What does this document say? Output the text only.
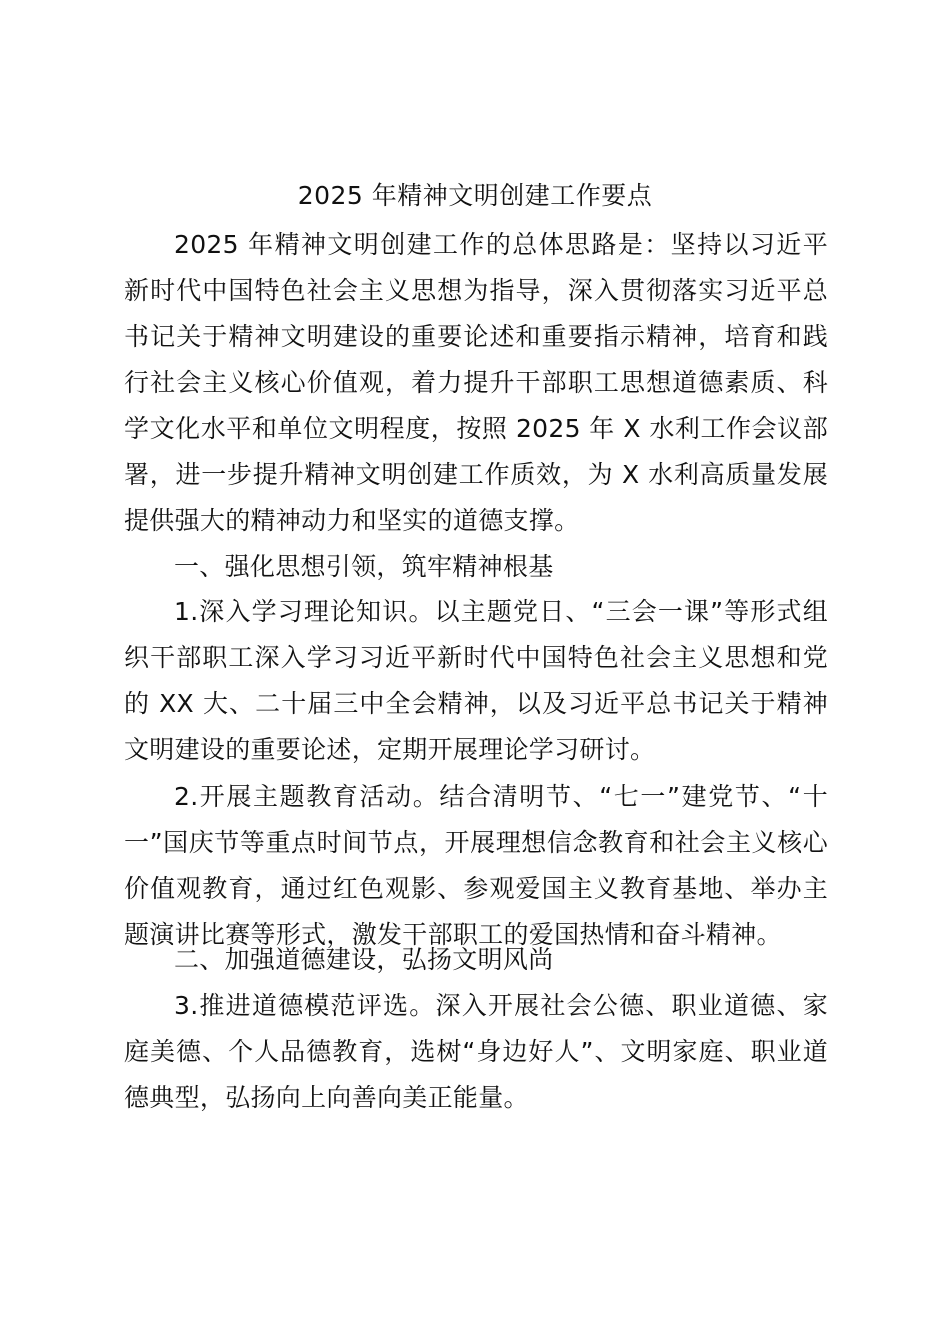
2025 年精神文明创建工作要点

2025 年精神文明创建工作的总体思路是：坚持以习近平新时代中国特色社会主义思想为指导，深入贯彻落实习近平总书记关于精神文明建设的重要论述和重要指示精神，培育和践行社会主义核心价值观，着力提升干部职工思想道德素质、科学文化水平和单位文明程度，按照 2025 年 X 水利工作会议部署，进一步提升精神文明创建工作质效，为 X 水利高质量发展提供强大的精神动力和坚实的道德支撑。

一、强化思想引领，筑牢精神根基

1.深入学习理论知识。以主题党日、“三会一课”等形式组织干部职工深入学习习近平新时代中国特色社会主义思想和党的 XX 大、二十届三中全会精神，以及习近平总书记关于精神文明建设的重要论述，定期开展理论学习研讨。

2.开展主题教育活动。结合清明节、“七一”建党节、“十一”国庆节等重点时间节点，开展理想信念教育和社会主义核心价值观教育，通过红色观影、参观爱国主义教育基地、举办主题演讲比赛等形式，激发干部职工的爱国热情和奋斗精神。

二、加强道德建设，弘扬文明风尚

3.推进道德模范评选。深入开展社会公德、职业道德、家庭美德、个人品德教育，选树“身边好人”、文明家庭、职业道德典型，弘扬向上向善向美正能量。
